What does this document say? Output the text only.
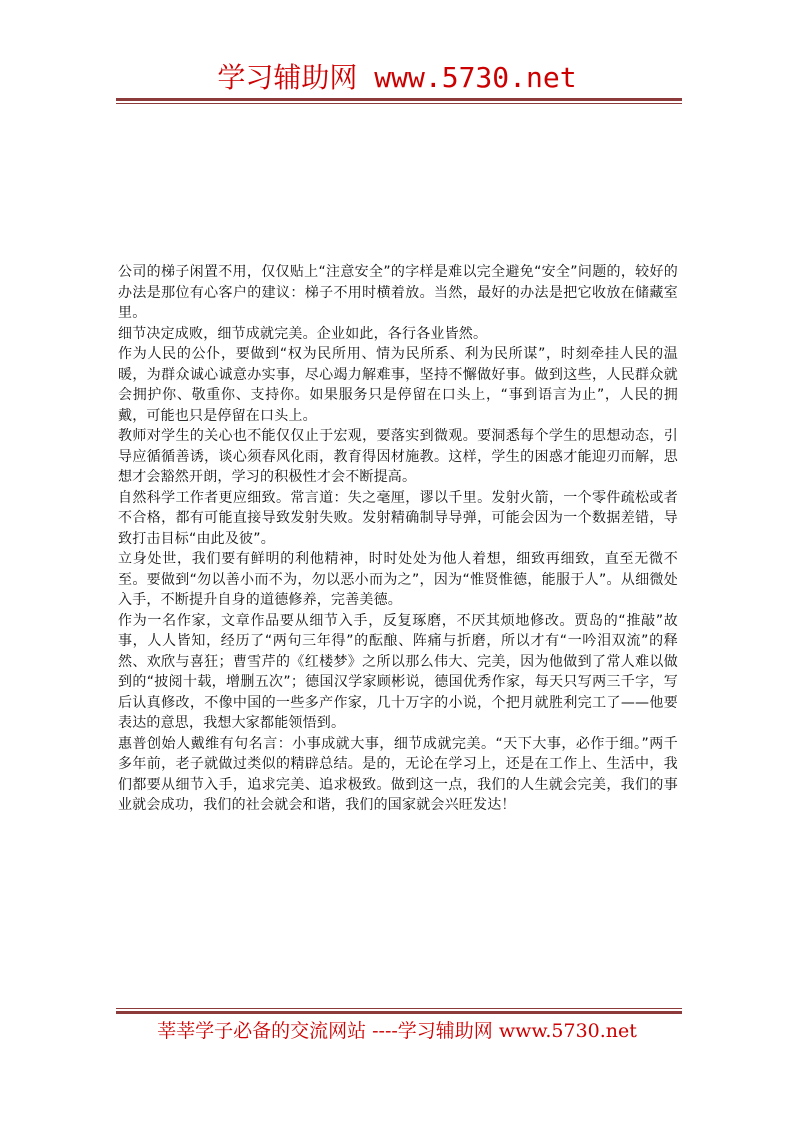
学习辅助网 www.5730.net

公司的梯子闲置不用，仅仅贴上“注意安全”的字样是难以完全避免“安全”问题的，较好的办法是那位有心客户的建议：梯子不用时横着放。当然，最好的办法是把它收放在储藏室里。

细节决定成败，细节成就完美。企业如此，各行各业皆然。

作为人民的公仆，要做到“权为民所用、情为民所系、利为民所谋”，时刻牵挂人民的温暖，为群众诚心诚意办实事，尽心竭力解难事，坚持不懈做好事。做到这些，人民群众就会拥护你、敬重你、支持你。如果服务只是停留在口头上，“事到语言为止”，人民的拥戴，可能也只是停留在口头上。

教师对学生的关心也不能仅仅止于宏观，要落实到微观。要洞悉每个学生的思想动态，引导应循循善诱，谈心须春风化雨，教育得因材施教。这样，学生的困惑才能迎刃而解，思想才会豁然开朗，学习的积极性才会不断提高。

自然科学工作者更应细致。常言道：失之毫厘，谬以千里。发射火箭，一个零件疏松或者不合格，都有可能直接导致发射失败。发射精确制导导弹，可能会因为一个数据差错，导致打击目标“由此及彼”。

立身处世，我们要有鲜明的利他精神，时时处处为他人着想，细致再细致，直至无微不至。要做到“勿以善小而不为，勿以恶小而为之”，因为“惟贤惟德，能服于人”。从细微处入手，不断提升自身的道德修养，完善美德。

作为一名作家，文章作品要从细节入手，反复琢磨，不厌其烦地修改。贾岛的“推敲”故事，人人皆知，经历了“两句三年得”的酝酿、阵痛与折磨，所以才有“一吟泪双流”的释然、欢欣与喜狂；曹雪芹的《红楼梦》之所以那么伟大、完美，因为他做到了常人难以做到的“披阅十载，增删五次”；德国汉学家顾彬说，德国优秀作家，每天只写两三千字，写后认真修改，不像中国的一些多产作家，几十万字的小说，个把月就胜利完工了——他要表达的意思，我想大家都能领悟到。

惠普创始人戴维有句名言：小事成就大事，细节成就完美。“天下大事，必作于细。”两千多年前，老子就做过类似的精辟总结。是的，无论在学习上，还是在工作上、生活中，我们都要从细节入手，追求完美、追求极致。做到这一点，我们的人生就会完美，我们的事业就会成功，我们的社会就会和谐，我们的国家就会兴旺发达！

莘莘学子必备的交流网站 ----学习辅助网 www.5730.net
